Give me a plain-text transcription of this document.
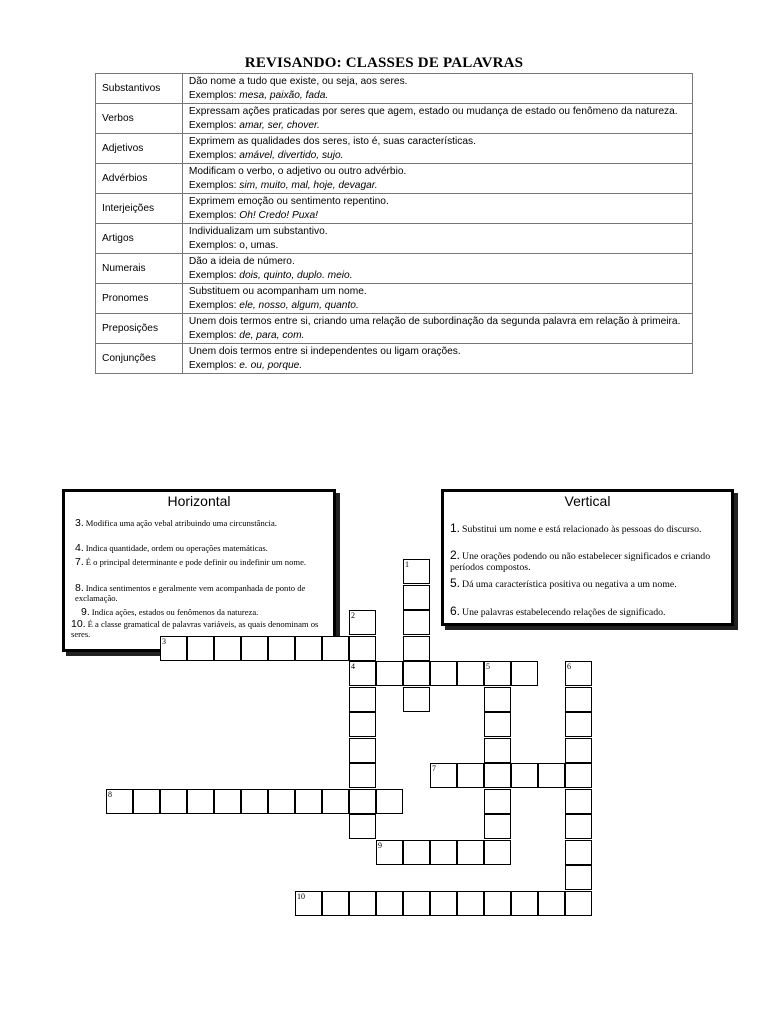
REVISANDO: CLASSES DE PALAVRAS
Substantivos	Dão nome a tudo que existe, ou seja, aos seres.
Exemplos: mesa, paixão, fada.

Verbos	Expressam ações praticadas por seres que agem, estado ou mudança de estado ou fenômeno da natureza.
Exemplos: amar, ser, chover.

Adjetivos	Exprimem as qualidades dos seres, isto é, suas características.
Exemplos: amável, divertido, sujo.

Advérbios	Modificam o verbo, o adjetivo ou outro advérbio.
Exemplos: sim, muito, mal, hoje, devagar.

Interjeições	Exprimem emoção ou sentimento repentino.
Exemplos: Oh! Credo! Puxa!

Artigos	Individualizam um substantivo.
Exemplos: o, umas.

Numerais	Dão a ideia de número.
Exemplos: dois, quinto, duplo. meio.

Pronomes	Substituem ou acompanham um nome.
Exemplos: ele, nosso, algum, quanto.

Preposições	Unem dois termos entre si, criando uma relação de subordinação da segunda palavra em relação à primeira.
Exemplos: de, para, com.

Conjunções	Unem dois termos entre si independentes ou ligam orações.
Exemplos: e. ou, porque.
Horizontal
3. Modifica uma ação vebal atribuindo uma circunstância.
4. Indica quantidade, ordem ou operações matemáticas.
7. É o principal determinante e pode definir ou indefinir um nome.
8. Indica sentimentos e geralmente vem acompanhada de ponto de exclamação.
9. Indica ações, estados ou fenômenos da natureza.
10. É a classe gramatical de palavras variáveis, as quais denominam os seres.
Vertical
1. Substitui um nome e está relacionado às pessoas do discurso.
2. Une orações podendo ou não estabelecer significados e criando períodos compostos.
5. Dá uma característica positiva ou negativa a um nome.
6. Une palavras estabelecendo relações de significado.
1
2
3
4	5	6
7
8
9
10
